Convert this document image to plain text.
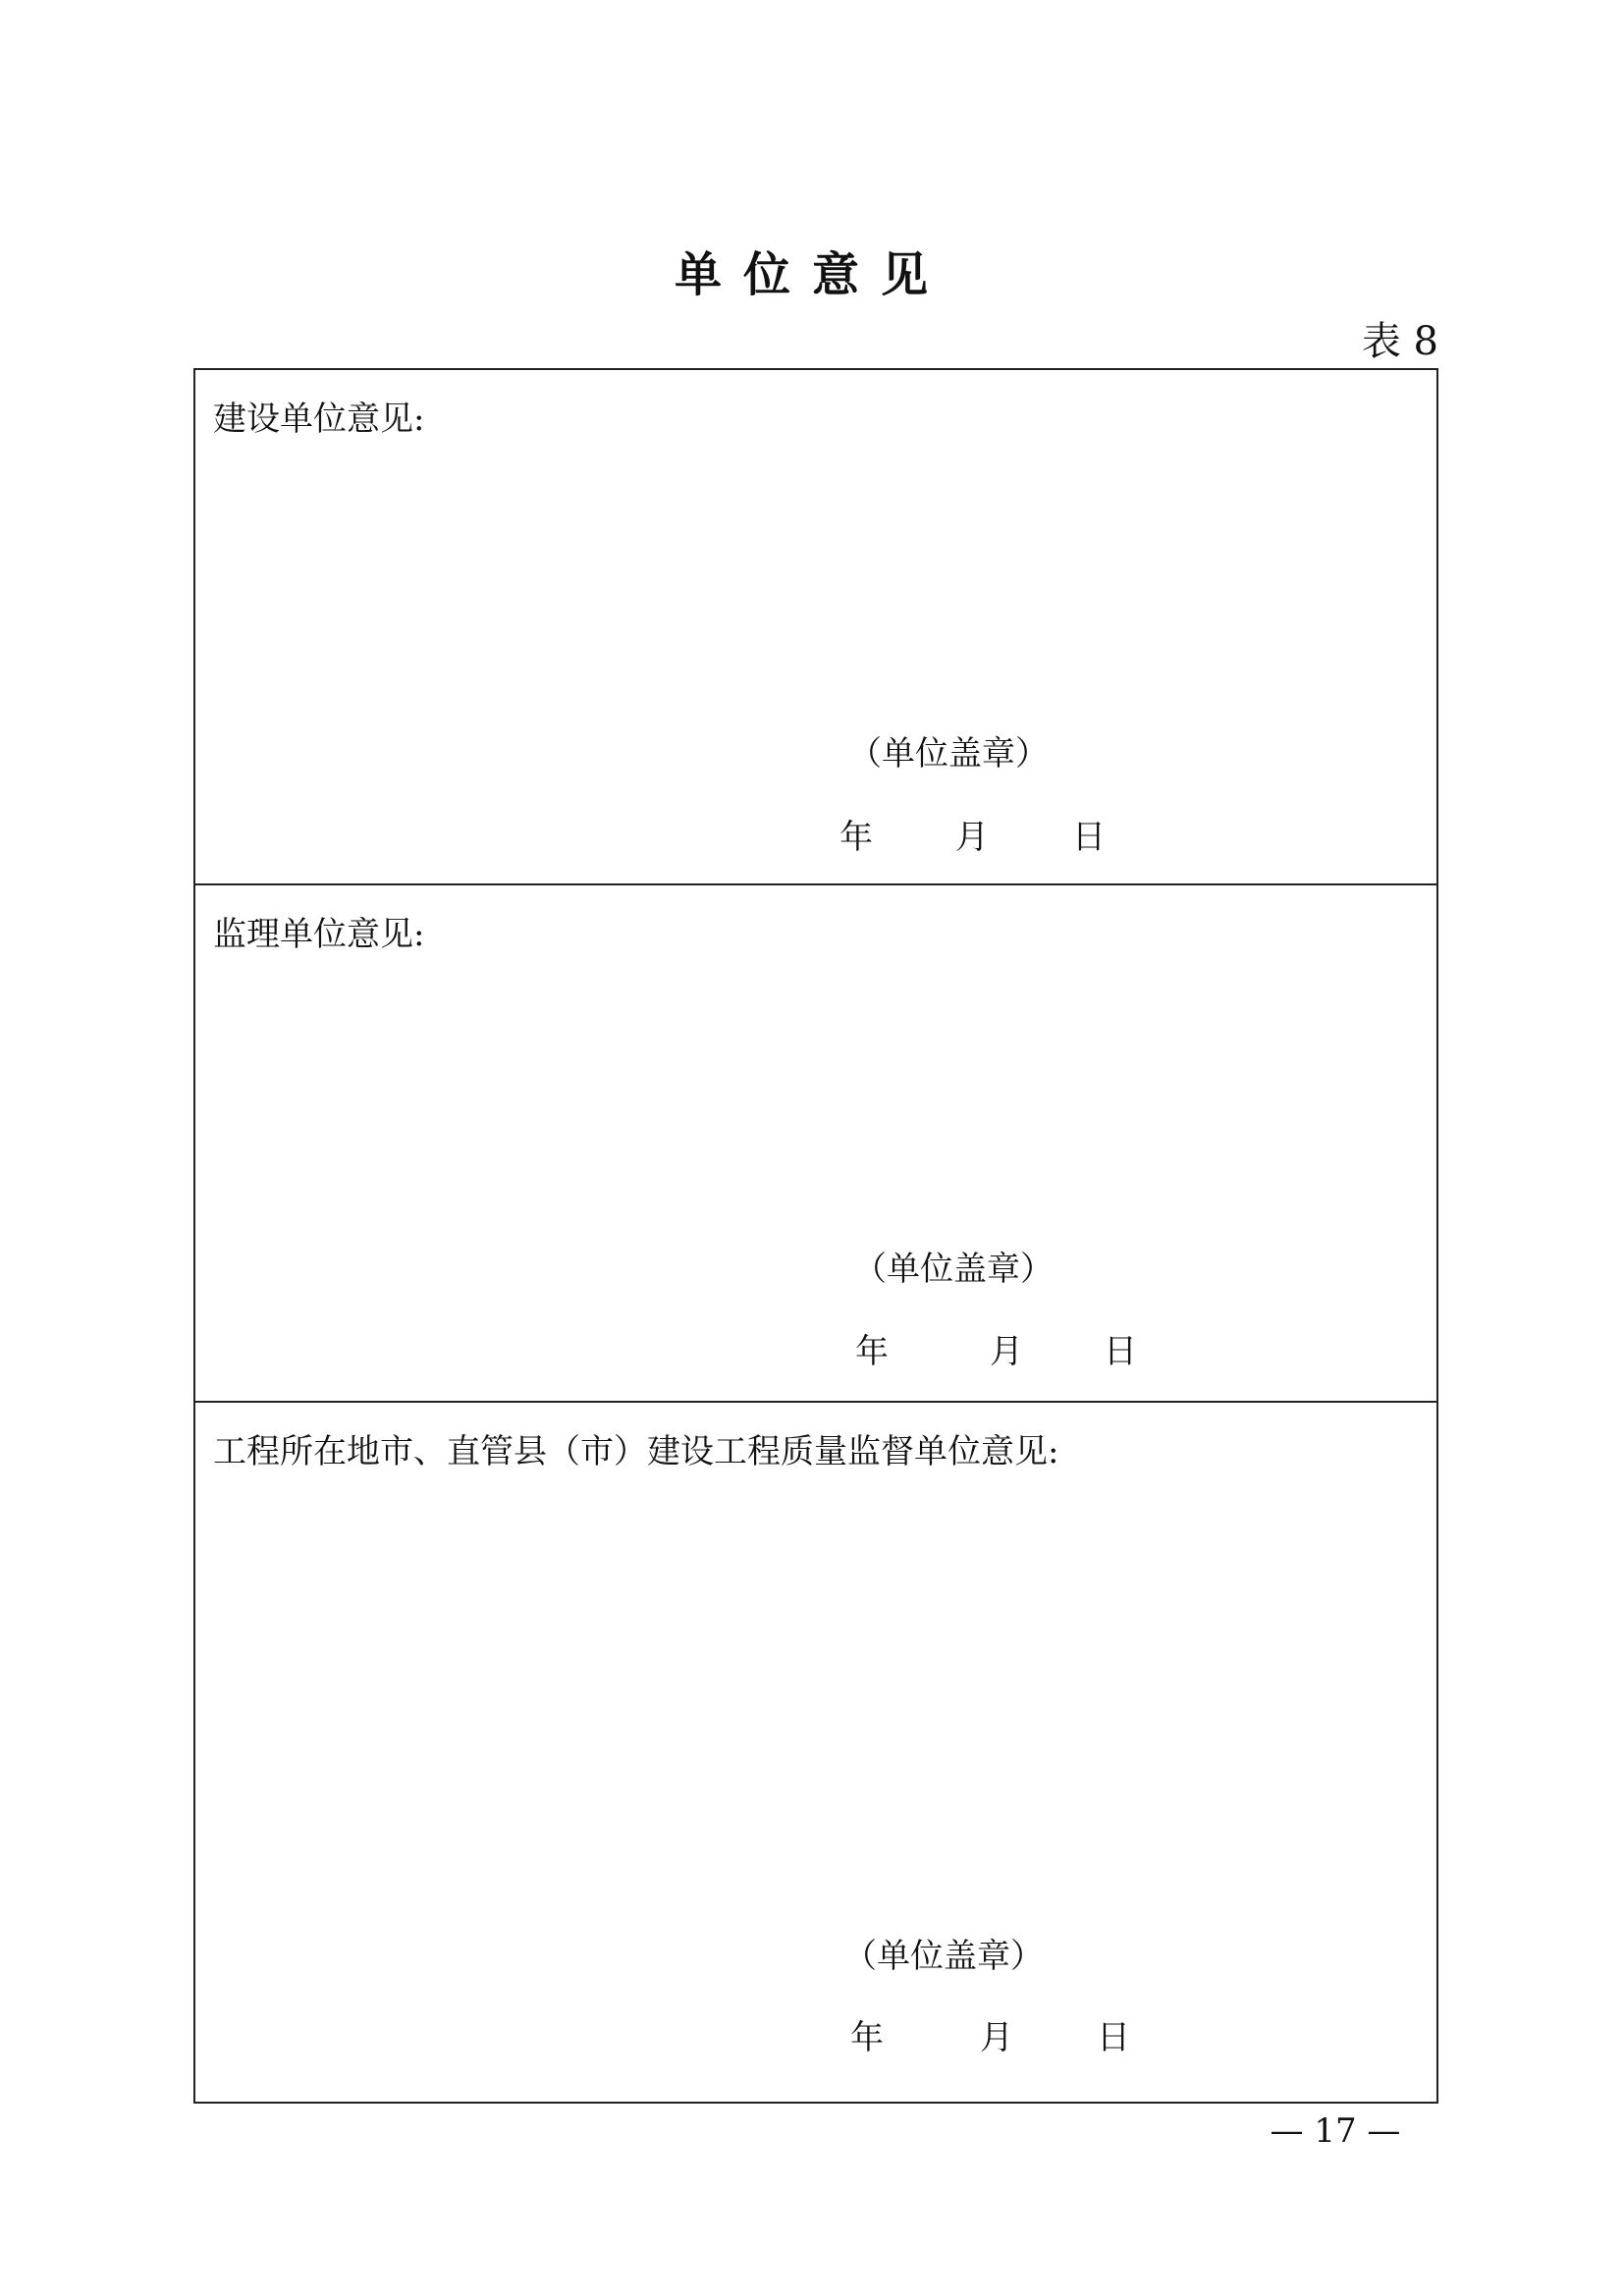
单位意见
表 8
建设单位意见:
（单位盖章）
年 月	日
监理单位意见:
（单位盖章）
年	月 日
工程所在地市、直管县（市）建设工程质量监督单位意见:
（单位盖章）
年	月	日
— 17 —
